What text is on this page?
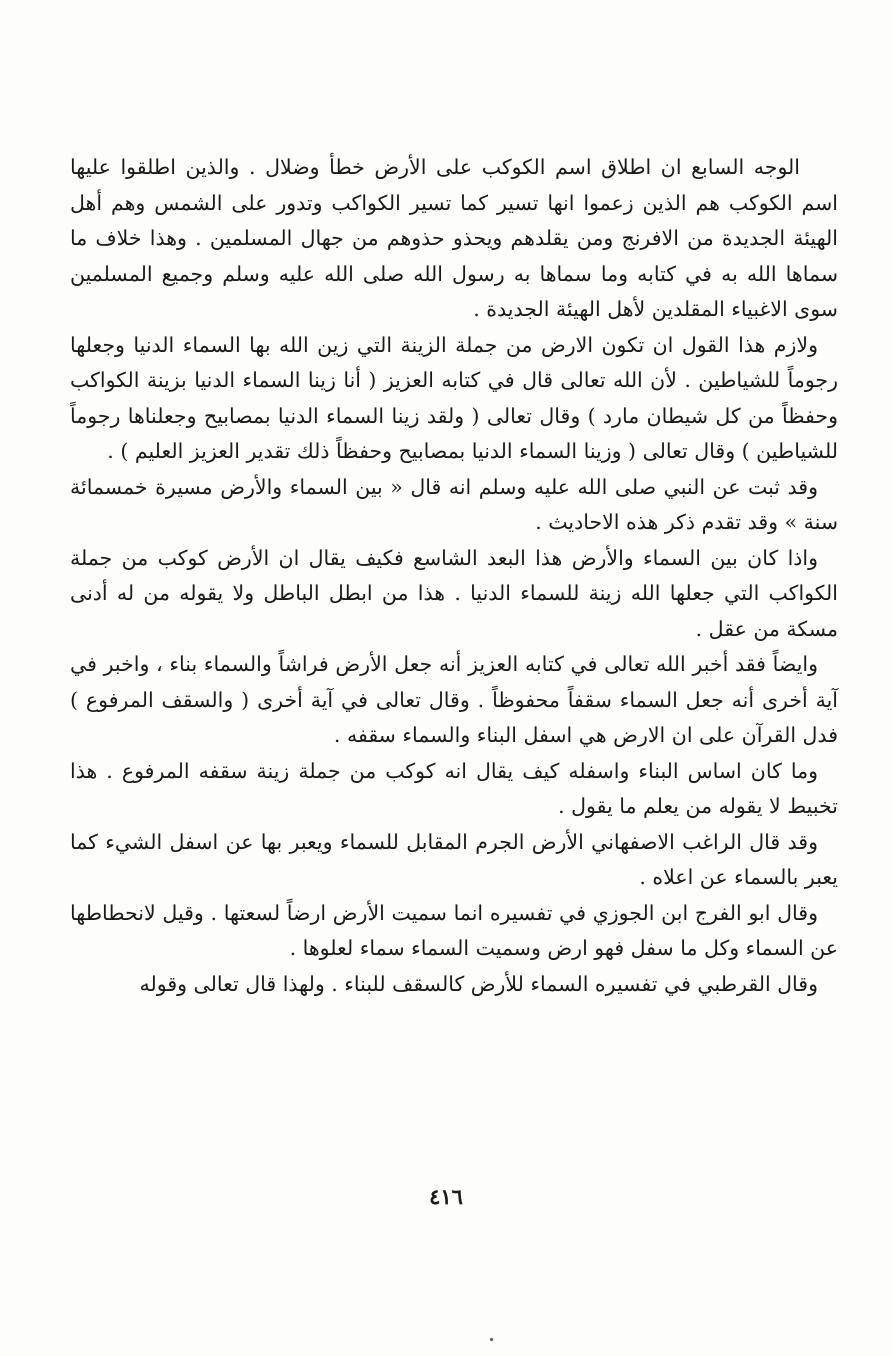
الوجه السابع ان اطلاق اسم الكوكب على الأرض خطأ وضلال . والذين اطلقوا عليها اسم الكوكب هم الذين زعموا انها تسير كما تسير الكواكب وتدور على الشمس وهم أهل الهيئة الجديدة من الافرنج ومن يقلدهم ويحذو حذوهم من جهال المسلمين . وهذا خلاف ما سماها الله به في كتابه وما سماها به رسول الله صلى الله عليه وسلم وجميع المسلمين سوى الاغبياء المقلدين لأهل الهيئة الجديدة .

ولازم هذا القول ان تكون الارض من جملة الزينة التي زين الله بها السماء الدنيا وجعلها رجوماً للشياطين . لأن الله تعالى قال في كتابه العزيز ( أنا زينا السماء الدنيا بزينة الكواكب وحفظاً من كل شيطان مارد ) وقال تعالى ( ولقد زينا السماء الدنيا بمصابيح وجعلناها رجوماً للشياطين ) وقال تعالى ( وزينا السماء الدنيا بمصابيح وحفظاً ذلك تقدير العزيز العليم ) .

وقد ثبت عن النبي صلى الله عليه وسلم انه قال « بين السماء والأرض مسيرة خمسمائة سنة » وقد تقدم ذكر هذه الاحاديث .

واذا كان بين السماء والأرض هذا البعد الشاسع فكيف يقال ان الأرض كوكب من جملة الكواكب التي جعلها الله زينة للسماء الدنيا . هذا من ابطل الباطل ولا يقوله من له أدنى مسكة من عقل .

وايضاً فقد أخبر الله تعالى في كتابه العزيز أنه جعل الأرض فراشاً والسماء بناء ، واخبر في آية أخرى أنه جعل السماء سقفاً محفوظاً . وقال تعالى في آية أخرى ( والسقف المرفوع ) فدل القرآن على ان الارض هي اسفل البناء والسماء سقفه .

وما كان اساس البناء واسفله كيف يقال انه كوكب من جملة زينة سقفه المرفوع . هذا تخبيط لا يقوله من يعلم ما يقول .

وقد قال الراغب الاصفهاني الأرض الجرم المقابل للسماء ويعبر بها عن اسفل الشيء كما يعبر بالسماء عن اعلاه .

وقال ابو الفرج ابن الجوزي في تفسيره انما سميت الأرض ارضاً لسعتها . وقيل لانحطاطها عن السماء وكل ما سفل فهو ارض وسميت السماء سماء لعلوها .

وقال القرطبي في تفسيره السماء للأرض كالسقف للبناء . ولهذا قال تعالى وقوله

٤١٦
